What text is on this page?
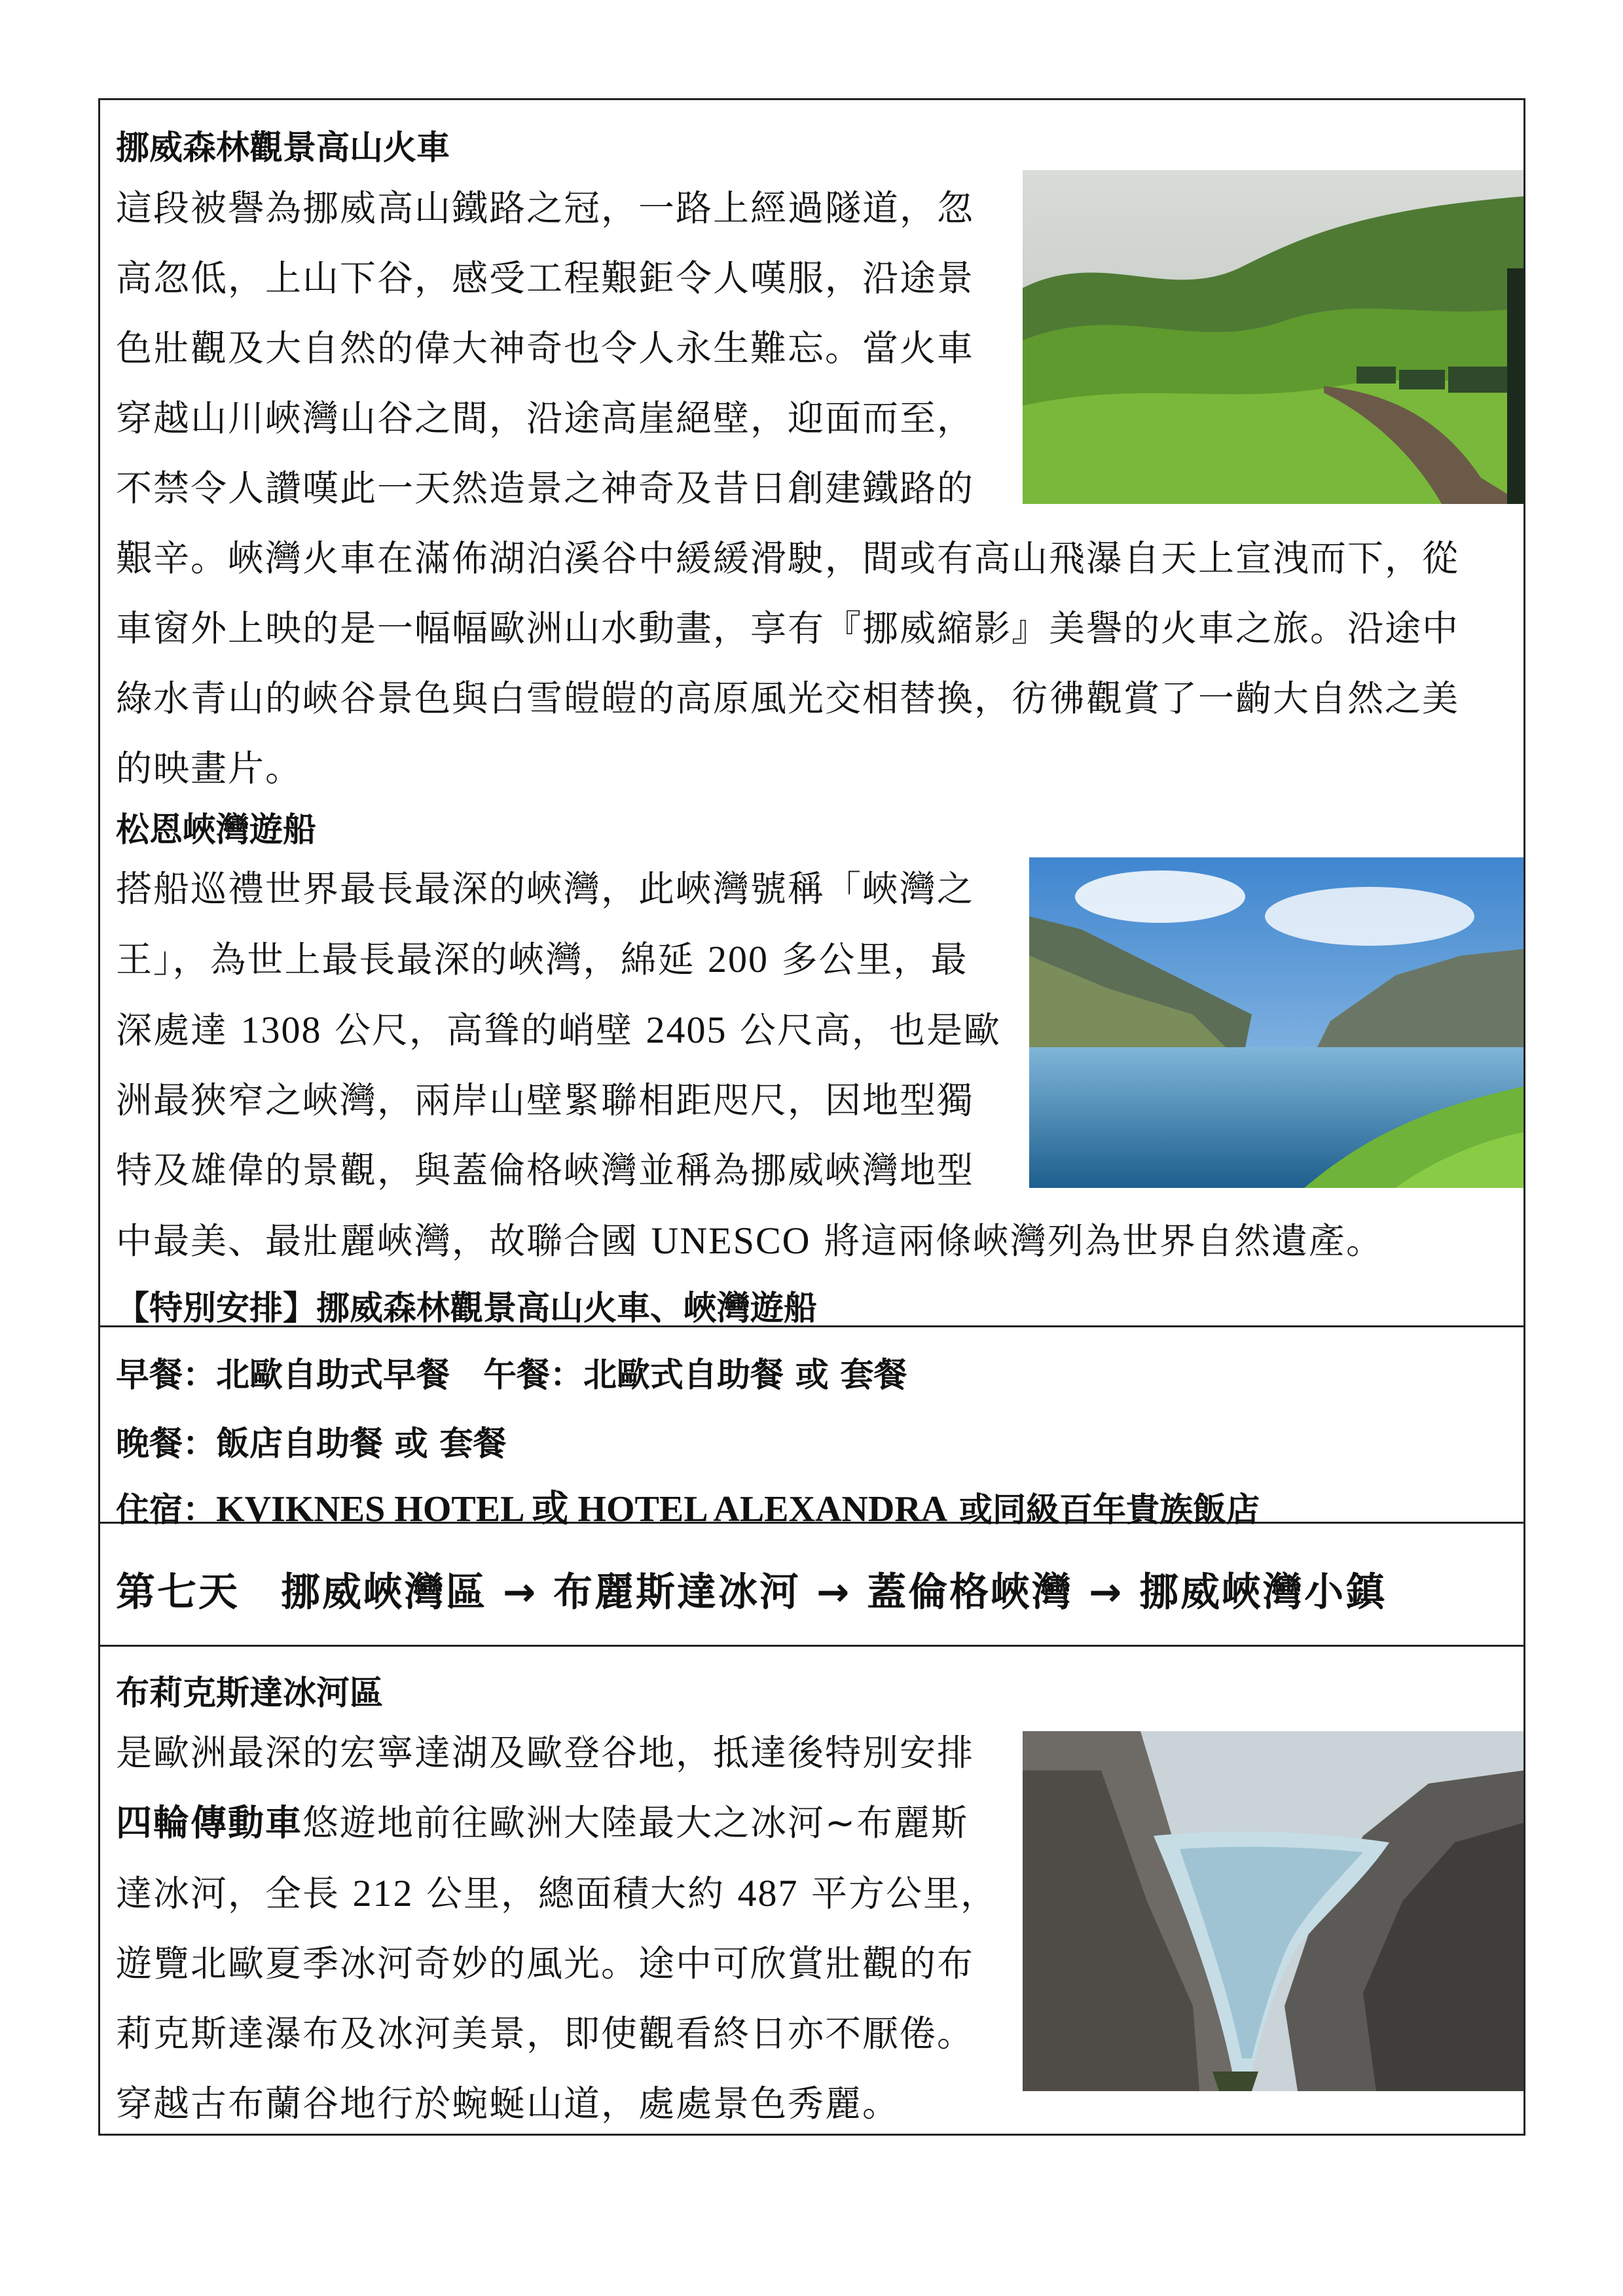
挪威森林觀景高山火車

這段被譽為挪威高山鐵路之冠，一路上經過隧道，忽

高忽低，上山下谷，感受工程艱鉅令人嘆服，沿途景

色壯觀及大自然的偉大神奇也令人永生難忘。當火車

穿越山川峽灣山谷之間，沿途高崖絕壁，迎面而至，

不禁令人讚嘆此一天然造景之神奇及昔日創建鐵路的

艱辛。峽灣火車在滿佈湖泊溪谷中緩緩滑駛，間或有高山飛瀑自天上宣洩而下，從

車窗外上映的是一幅幅歐洲山水動畫，享有『挪威縮影』美譽的火車之旅。沿途中

綠水青山的峽谷景色與白雪皚皚的高原風光交相替換，彷彿觀賞了一齣大自然之美

的映畫片。

松恩峽灣遊船

搭船巡禮世界最長最深的峽灣，此峽灣號稱「峽灣之

王」，為世上最長最深的峽灣，綿延 200 多公里，最

深處達 1308 公尺，高聳的峭壁 2405 公尺高，也是歐

洲最狹窄之峽灣，兩岸山壁緊聯相距咫尺，因地型獨

特及雄偉的景觀，與蓋倫格峽灣並稱為挪威峽灣地型

中最美、最壯麗峽灣，故聯合國 UNESCO 將這兩條峽灣列為世界自然遺產。

【特別安排】挪威森林觀景高山火車、峽灣遊船
早餐：北歐自助式早餐  午餐：北歐式自助餐 或 套餐
晚餐：飯店自助餐 或 套餐
住宿：KVIKNES HOTEL 或 HOTEL ALEXANDRA 或同級百年貴族飯店
第七天　挪威峽灣區 → 布麗斯達冰河 → 蓋倫格峽灣 → 挪威峽灣小鎮
布莉克斯達冰河區

是歐洲最深的宏寧達湖及歐登谷地，抵達後特別安排

四輪傳動車悠遊地前往歐洲大陸最大之冰河~布麗斯

達冰河，全長 212 公里，總面積大約 487 平方公里，

遊覽北歐夏季冰河奇妙的風光。途中可欣賞壯觀的布

莉克斯達瀑布及冰河美景，即使觀看終日亦不厭倦。

穿越古布蘭谷地行於蜿蜒山道，處處景色秀麗。
